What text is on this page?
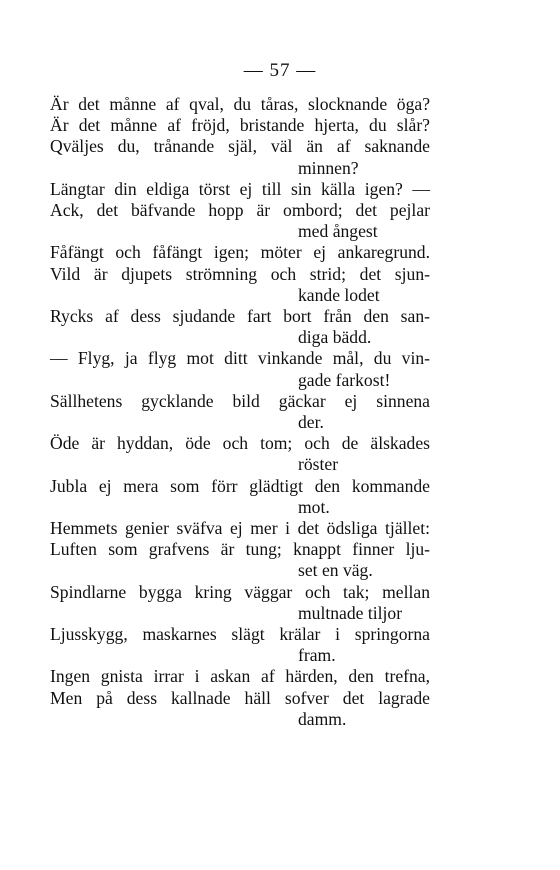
— 57 —
Är det månne af qval, du tåras, slocknande öga?
Är det månne af fröjd, bristande hjerta, du slår?
Qväljes du, trånande själ, väl än af saknande
minnen?
Längtar din eldiga törst ej till sin källa igen? —
Ack, det bäfvande hopp är ombord; det pejlar
med ångest
Fåfängt och fåfängt igen; möter ej ankaregrund.
Vild är djupets strömning och strid; det sjun-
kande lodet
Rycks af dess sjudande fart bort från den san-
diga bädd.
— Flyg, ja flyg mot ditt vinkande mål, du vin-
gade farkost!
Sällhetens gycklande bild gäckar ej sinnena
der.
Öde är hyddan, öde och tom; och de älskades
röster
Jubla ej mera som förr glädtigt den kommande
mot.
Hemmets genier sväfva ej mer i det ödsliga tjället:
Luften som grafvens är tung; knappt finner lju-
set en väg.
Spindlarne bygga kring väggar och tak; mellan
multnade tiljor
Ljusskygg, maskarnes slägt krälar i springorna
fram.
Ingen gnista irrar i askan af härden, den trefna,
Men på dess kallnade häll sofver det lagrade
damm.
